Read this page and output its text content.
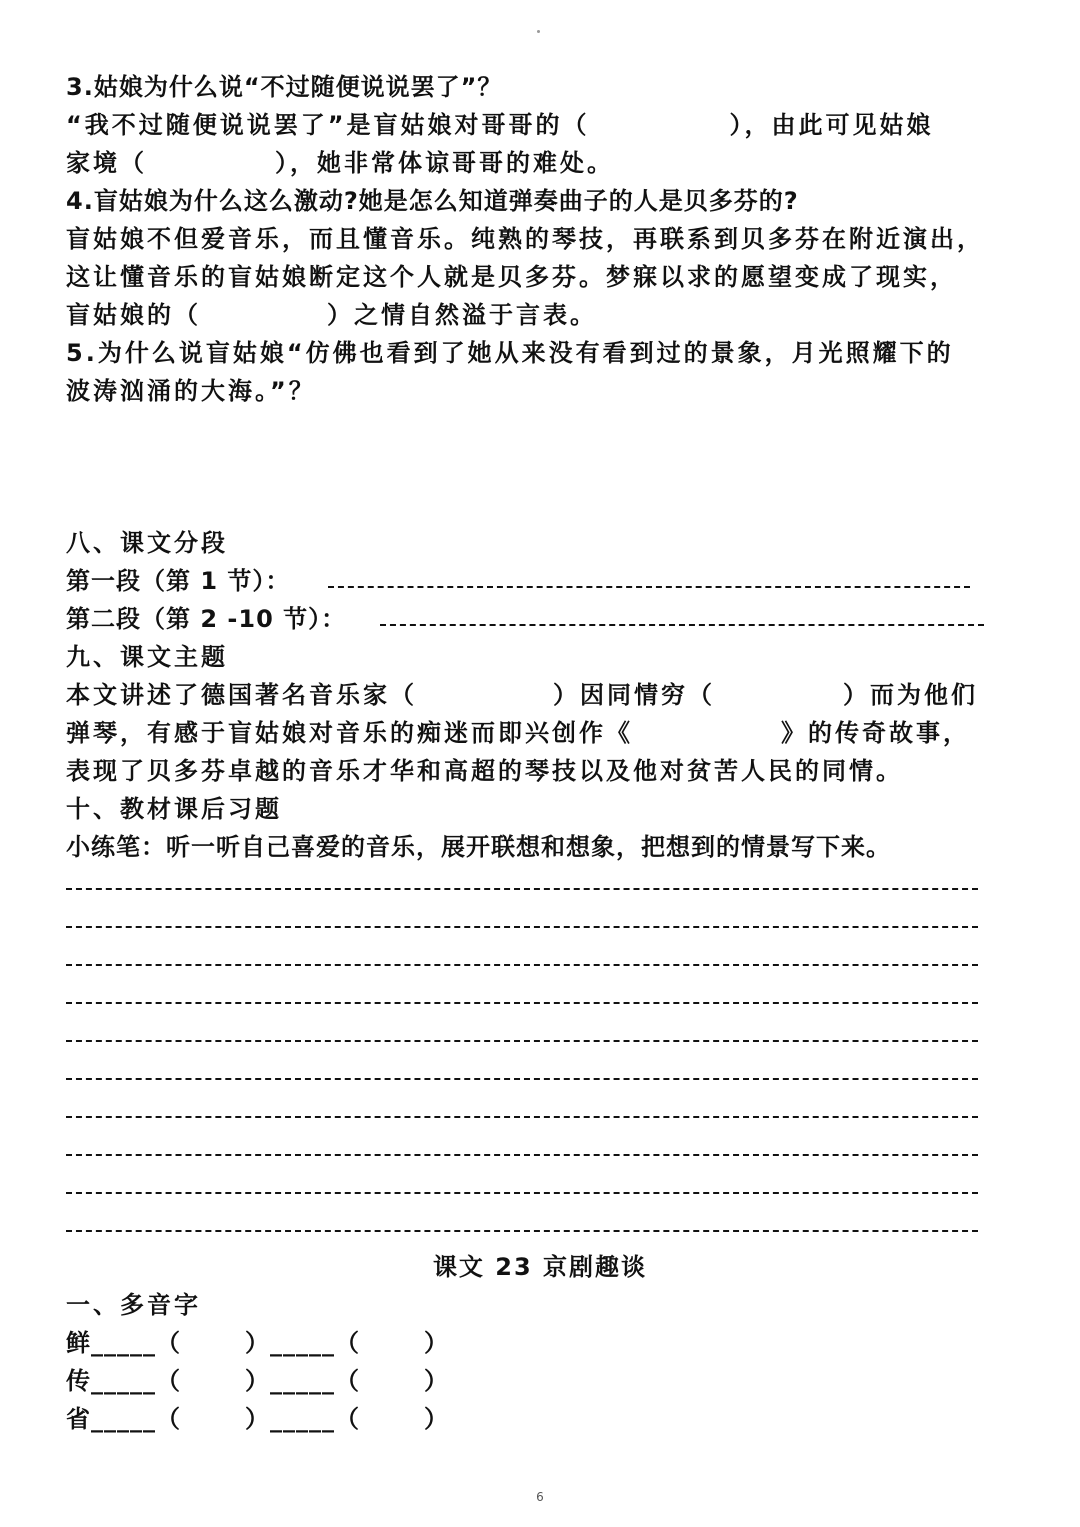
3.姑娘为什么说“不过随便说说罢了”？
“我不过随便说说罢了”是盲姑娘对哥哥的（	），由此可见姑娘
家境（	），她非常体谅哥哥的难处。
4.盲姑娘为什么这么激动?她是怎么知道弹奏曲子的人是贝多芬的?
盲姑娘不但爱音乐，而且懂音乐。纯熟的琴技，再联系到贝多芬在附近演出，
这让懂音乐的盲姑娘断定这个人就是贝多芬。梦寐以求的愿望变成了现实，
盲姑娘的（	）之情自然溢于言表。
5.为什么说盲姑娘“仿佛也看到了她从来没有看到过的景象，月光照耀下的
波涛汹涌的大海。”？
八、课文分段
第一段（第 1 节）：
第二段（第 2 -10 节）：
九、课文主题
本文讲述了德国著名音乐家（	）因同情穷（	）而为他们
弹琴，有感于盲姑娘对音乐的痴迷而即兴创作《	》的传奇故事，
表现了贝多芬卓越的音乐才华和高超的琴技以及他对贫苦人民的同情。
十、教材课后习题
小练笔：听一听自己喜爱的音乐，展开联想和想象，把想到的情景写下来。
课文 23 京剧趣谈
一、多音字
鲜_____（	）_____（	）
传_____（	）_____（	）
省_____（	）_____（	）
6
